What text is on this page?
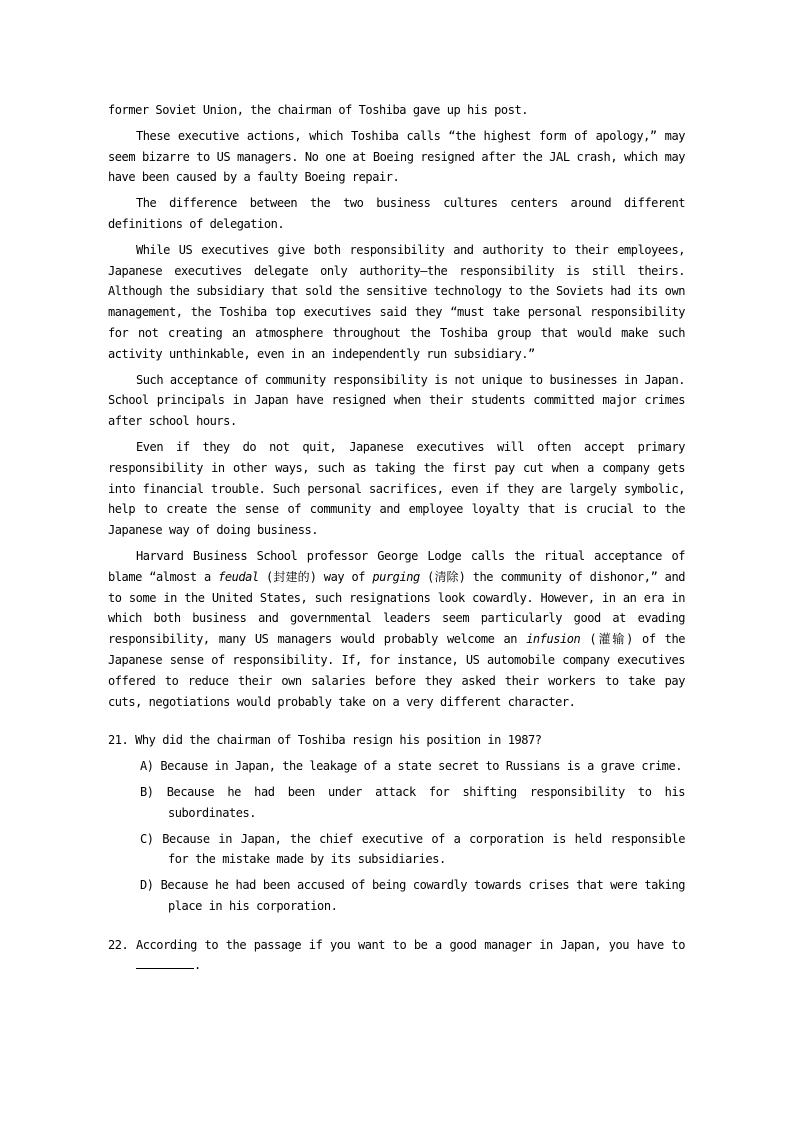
former Soviet Union, the chairman of Toshiba gave up his post.

These executive actions, which Toshiba calls “the highest form of apology,” may seem bizarre to US managers. No one at Boeing resigned after the JAL crash, which may have been caused by a faulty Boeing repair.

The difference between the two business cultures centers around different definitions of delegation.

While US executives give both responsibility and authority to their employees, Japanese executives delegate only authority—the responsibility is still theirs. Although the subsidiary that sold the sensitive technology to the Soviets had its own management, the Toshiba top executives said they “must take personal responsibility for not creating an atmosphere throughout the Toshiba group that would make such activity unthinkable, even in an independently run subsidiary.”

Such acceptance of community responsibility is not unique to businesses in Japan. School principals in Japan have resigned when their students committed major crimes after school hours.

Even if they do not quit, Japanese executives will often accept primary responsibility in other ways, such as taking the first pay cut when a company gets into financial trouble. Such personal sacrifices, even if they are largely symbolic, help to create the sense of community and employee loyalty that is crucial to the Japanese way of doing business.

Harvard Business School professor George Lodge calls the ritual acceptance of blame “almost a feudal (封建的) way of purging (清除) the community of dishonor,” and to some in the United States, such resignations look cowardly. However, in an era in which both business and governmental leaders seem particularly good at evading responsibility, many US managers would probably welcome an infusion (灌输) of the Japanese sense of responsibility. If, for instance, US automobile company executives offered to reduce their own salaries before they asked their workers to take pay cuts, negotiations would probably take on a very different character.

21. Why did the chairman of Toshiba resign his position in 1987?

A) Because in Japan, the leakage of a state secret to Russians is a grave crime.

B) Because he had been under attack for shifting responsibility to his subordinates.

C) Because in Japan, the chief executive of a corporation is held responsible for the mistake made by its subsidiaries.

D) Because he had been accused of being cowardly towards crises that were taking place in his corporation.

22. According to the passage if you want to be a good manager in Japan, you have to .
